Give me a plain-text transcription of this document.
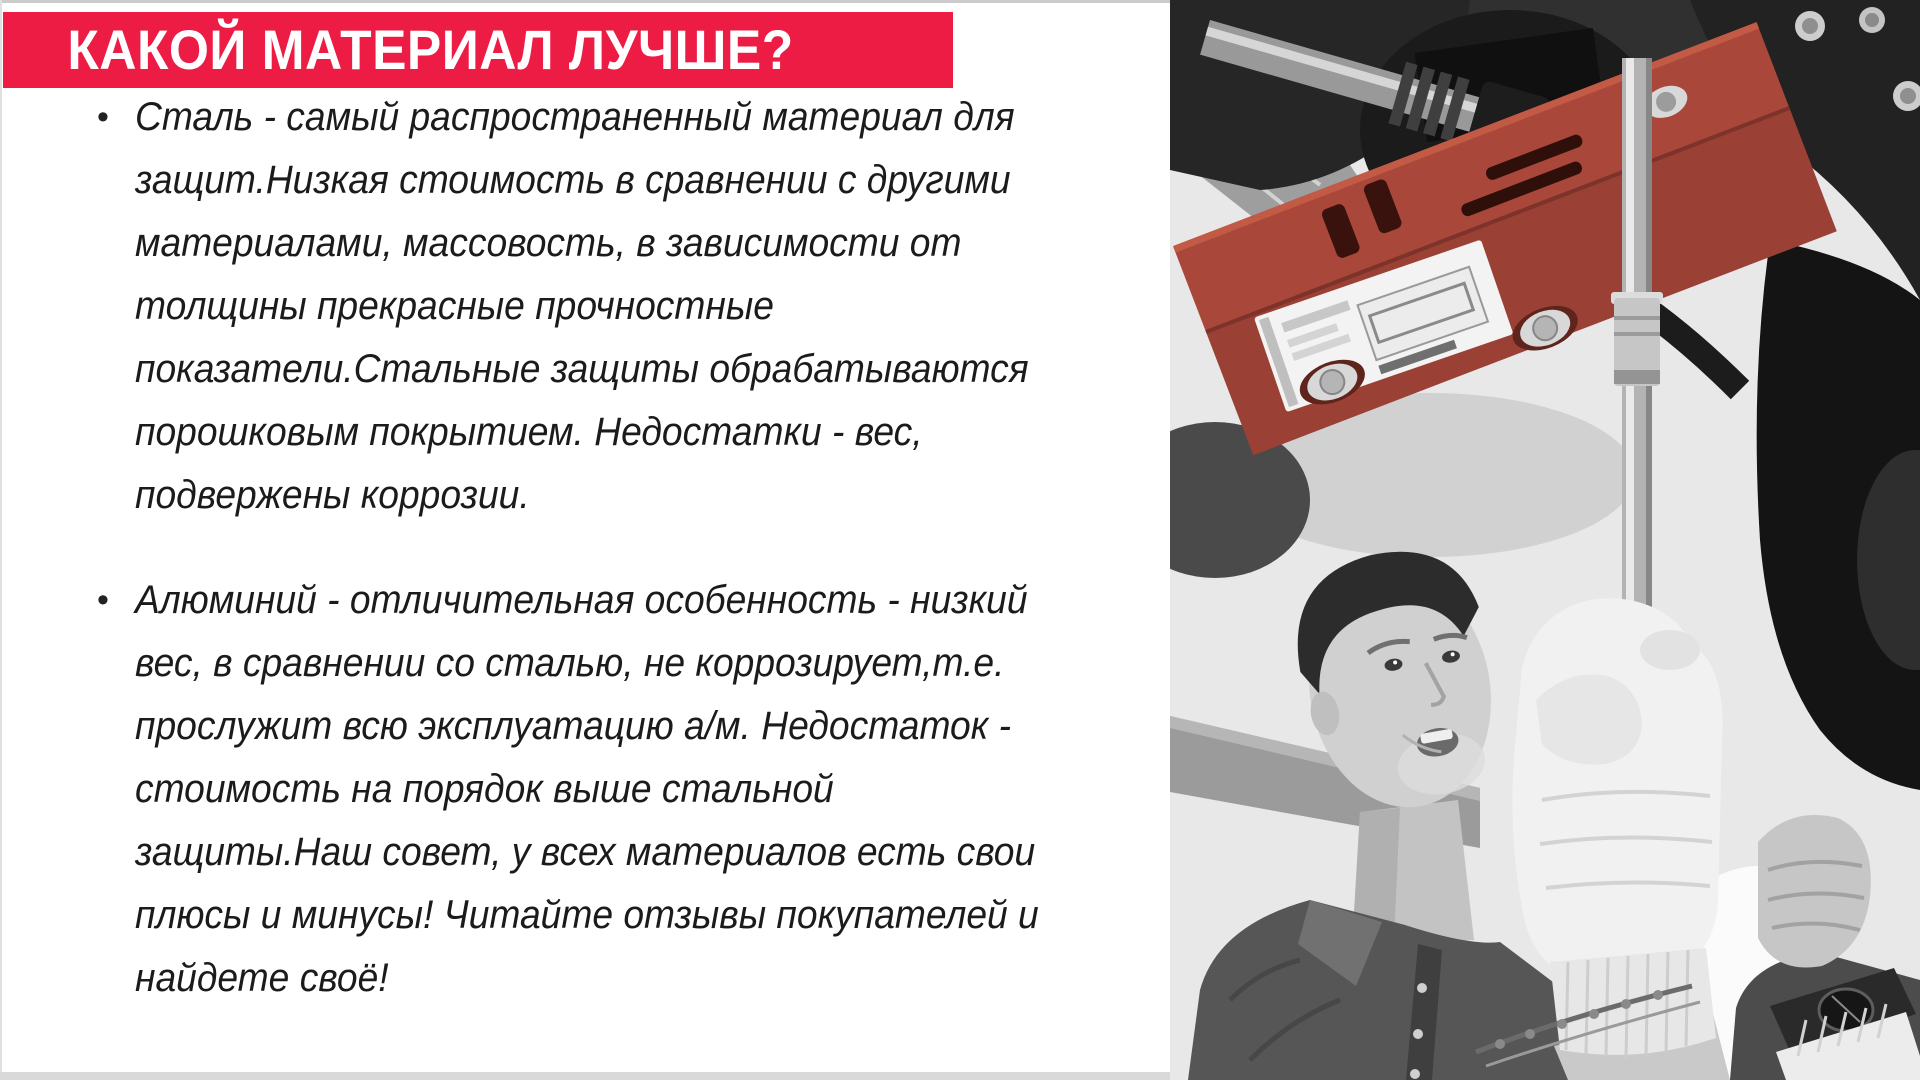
КАКОЙ МАТЕРИАЛ ЛУЧШЕ?
• Сталь - самый распространенный материал для
защит.Низкая стоимость в сравнении с другими
материалами, массовость, в зависимости от
толщины прекрасные прочностные
показатели.Стальные защиты обрабатываются
порошковым покрытием. Недостатки - вес,
подвержены коррозии.
• Алюминий - отличительная особенность - низкий
вес, в сравнении со сталью, не коррозирует,т.е.
прослужит всю эксплуатацию а/м. Недостаток -
стоимость на порядок выше стальной
защиты.Наш совет, у всех материалов есть свои
плюсы и минусы! Читайте отзывы покупателей и
найдете своё!
